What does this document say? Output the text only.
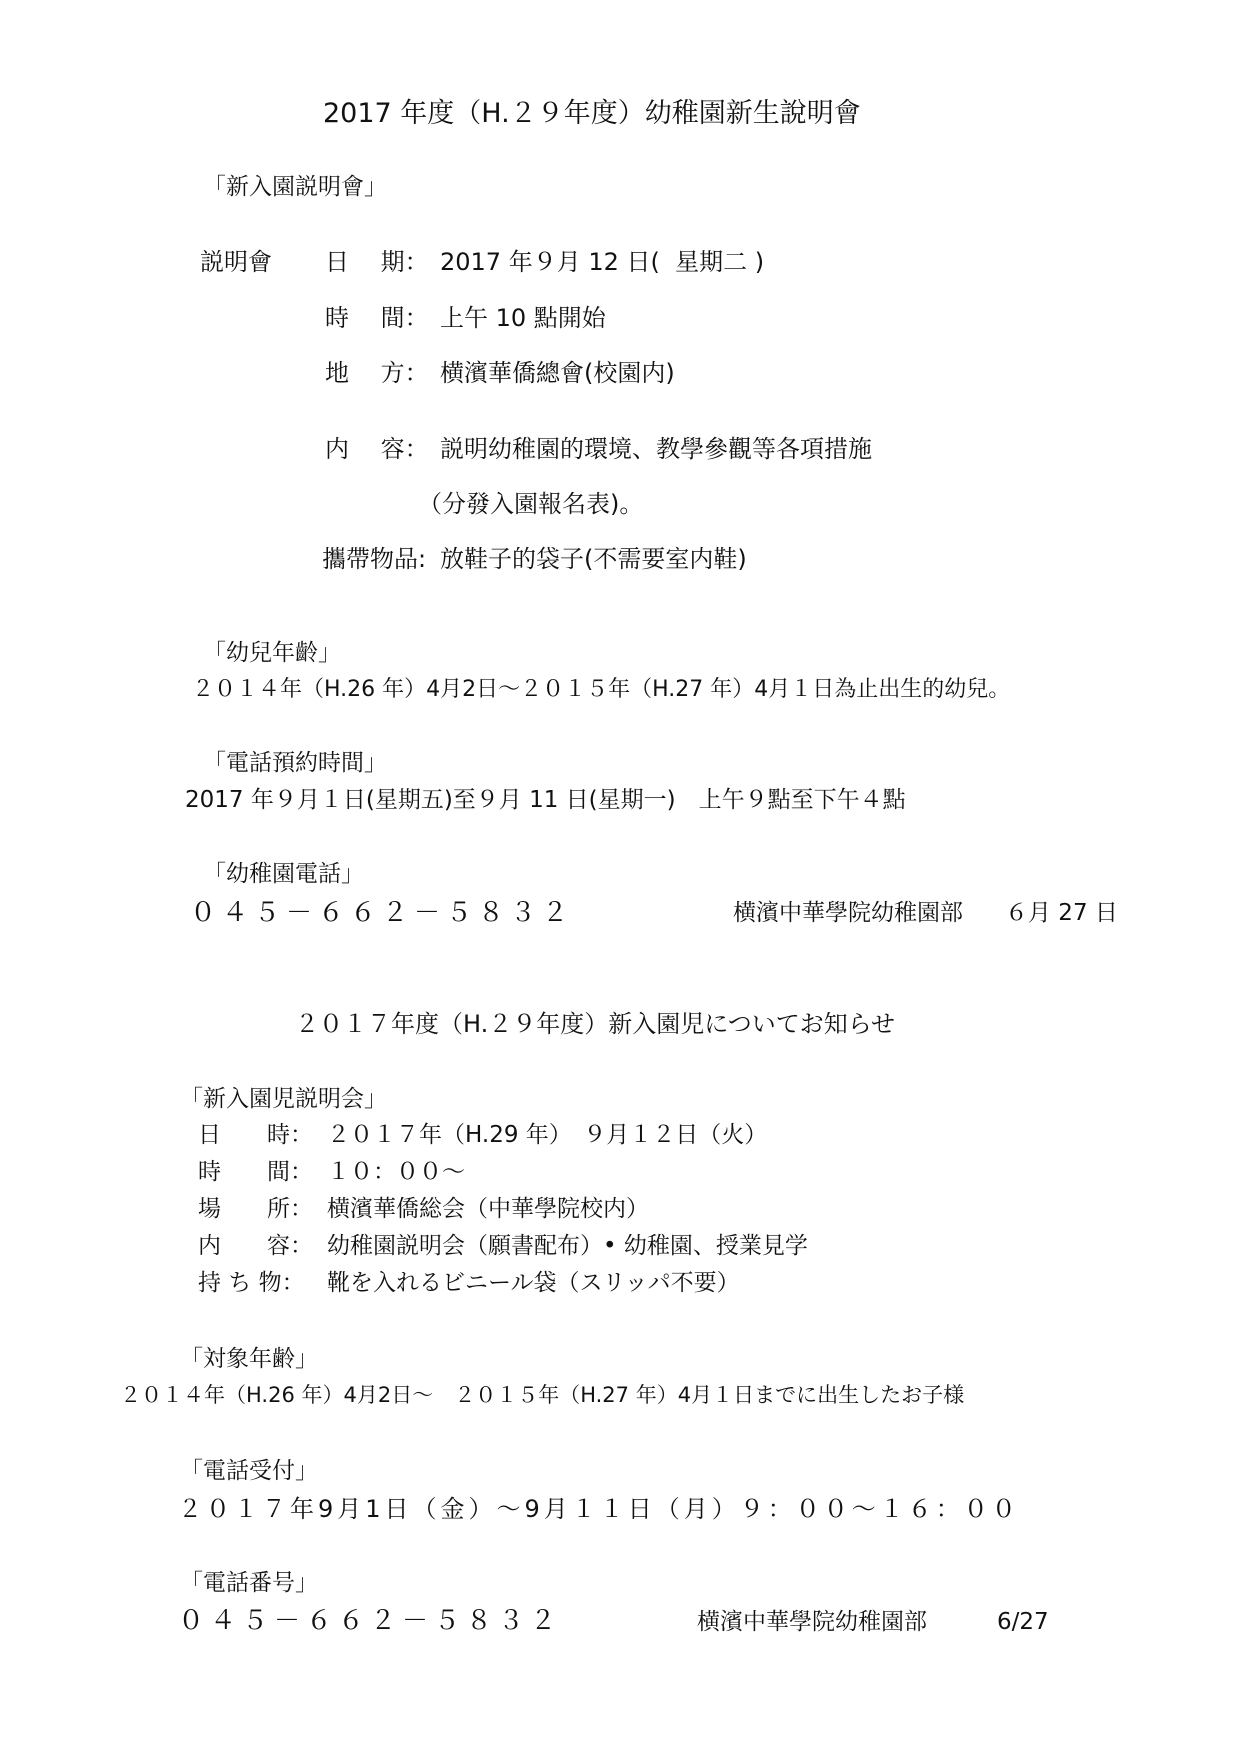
2017 年度（H.２９年度）幼稚園新生說明會
「新入園説明會」
説明會 日　 期： 2017 年９月 12 日(  星期二 )
時　 間： 上午 10 點開始
地　 方： 横濱華僑總會(校園内)
内　 容： 説明幼稚園的環境、教學參觀等各項措施
（分發入園報名表)。
攜帶物品: 放鞋子的袋子(不需要室内鞋)
「幼兒年齡」
２０１４年（H.26 年）4月2日～２０１５年（H.27 年）4月１日為止出生的幼兒。
「電話預約時間」
2017 年９月１日(星期五)至９月 11 日(星期一)　上午９點至下午４點
「幼稚園電話」
０４５－６６２－５８３２	横濱中華學院幼稚園部 ６月 27 日
２０１７年度（H.２９年度）新入園児についてお知らせ
「新入園児説明会」
日　　時： ２０１７年（H.29 年）　９月１２日（火）
時　　間： １０：００～
場　　所： 横濱華僑総会（中華學院校内）
内　　容： 幼稚園説明会（願書配布）• 幼稚園、授業見学
持 ち 物： 靴を入れるビニール袋（スリッパ不要）
「対象年齢」
２０１４年（H.26 年）4月2日～　２０１５年（H.27 年）4月１日までに出生したお子様
「電話受付」
２０１７年9月1日（金）～9月１１日（月）９：００～１６：００
「電話番号」
０４５－６６２－５８３２	横濱中華學院幼稚園部	6/27
